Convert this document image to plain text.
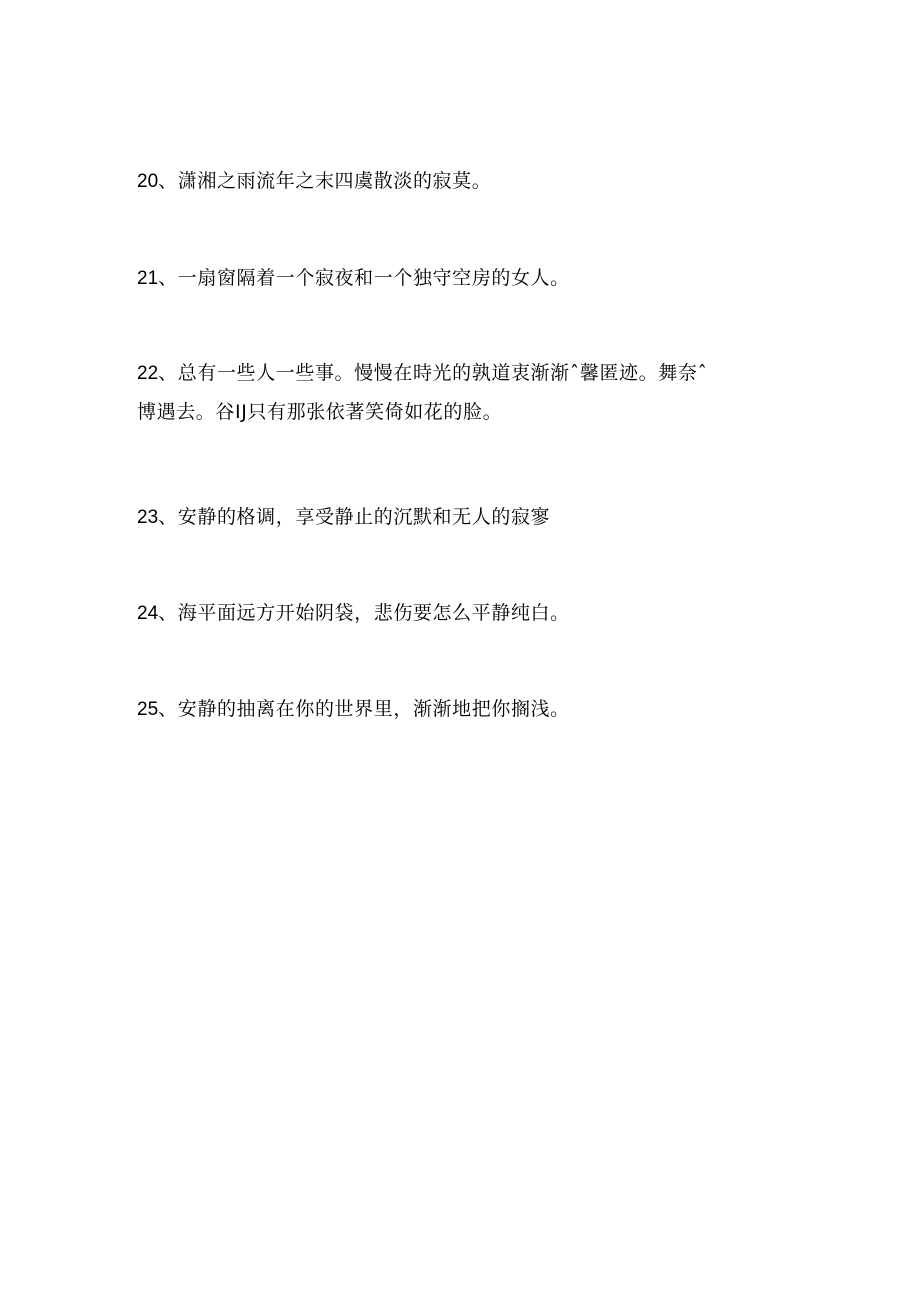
20、潇湘之雨流年之末四虞散淡的寂莫。
21、一扇窗隔着一个寂夜和一个独守空房的女人。
22、总有一些人一些事。慢慢在時光的孰道衷渐渐ˆ馨匿迹。舞奈ˆ
博遇去。谷IJ只有那张依著笑倚如花的脸。
23、安静的格调，享受静止的沉默和无人的寂寥
24、海平面远方开始阴袋，悲伤要怎么平静纯白。
25、安静的抽离在你的世界里，渐渐地把你搁浅。
